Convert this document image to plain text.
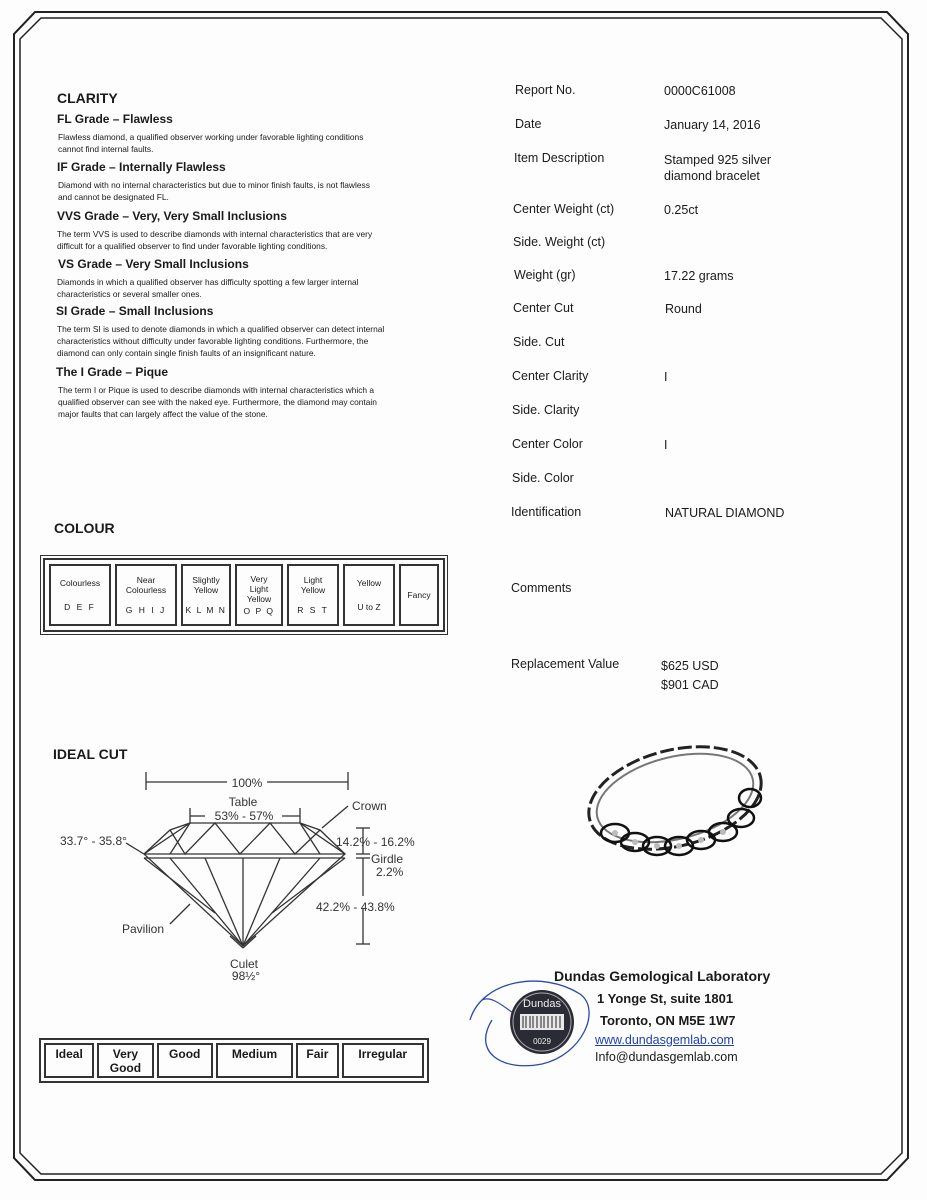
CLARITY
FL Grade – Flawless
Flawless diamond, a qualified observer working under favorable lighting conditions
cannot find internal faults.
IF Grade – Internally Flawless
Diamond with no internal characteristics but due to minor finish faults, is not flawless
and cannot be designated FL.
VVS Grade – Very, Very Small Inclusions
The term VVS is used to describe diamonds with internal characteristics that are very
difficult for a qualified observer to find under favorable lighting conditions.
VS Grade – Very Small Inclusions
Diamonds in which a qualified observer has difficulty spotting a few larger internal
characteristics or several smaller ones.
SI Grade – Small Inclusions
The term SI is used to denote diamonds in which a qualified observer can detect internal
characteristics without difficulty under favorable lighting conditions. Furthermore, the
diamond can only contain single finish faults of an insignificant nature.
The I Grade – Pique
The term I or Pique is used to describe diamonds with internal characteristics which a
qualified observer can see with the naked eye. Furthermore, the diamond may contain
major faults that can largely affect the value of the stone.
COLOUR
Colourless
D E F

Near
Colourless
G H I J

Slightly
Yellow
K L M N

Very
Light
Yellow
O P Q

Light
Yellow
R S T

Yellow
U to Z

Fancy
IDEAL CUT
100%
Table
53% - 57%
Crown
33.7° - 35.8°	14.2% - 16.2%
Girdle
2.2%
42.2% - 43.8%
Pavilion
Culet
98½°
Ideal	Very
Good

Good	Medium	Fair	Irregular
Report No.	0000C61008
Date	January 14, 2016
Item Description	Stamped 925 silver
diamond bracelet
Center Weight (ct)	0.25ct
Side. Weight (ct)
Weight (gr)	17.22 grams
Center Cut	Round
Side. Cut
Center Clarity	I
Side. Clarity
Center Color	I
Side. Color
Identification	NATURAL DIAMOND
Comments
Replacement Value	$625 USD
$901 CAD
Dundas
0029
Dundas Gemological Laboratory
1 Yonge St, suite 1801
Toronto, ON M5E 1W7
www.dundasgemlab.com
Info@dundasgemlab.com
